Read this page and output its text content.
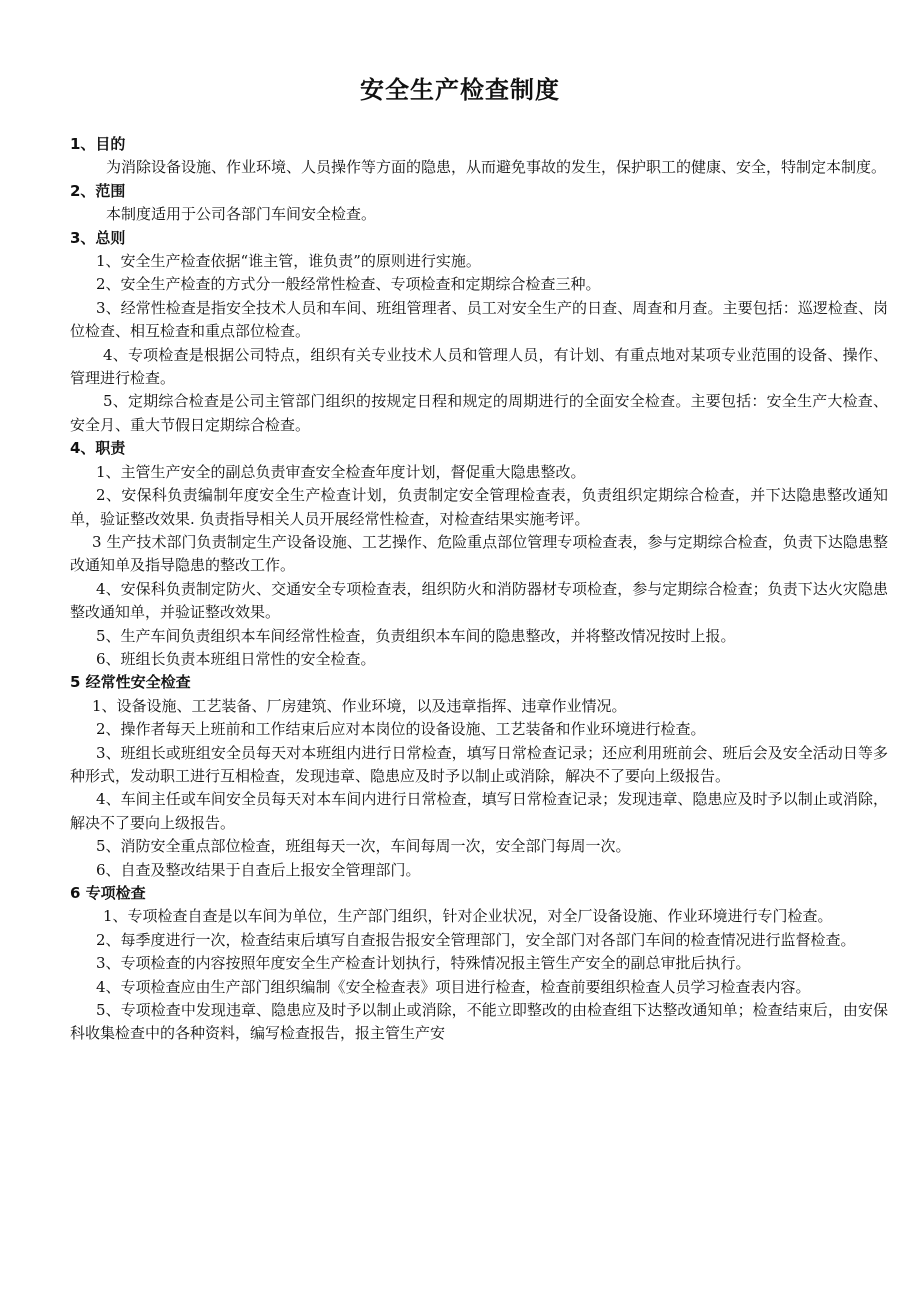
安全生产检查制度

1、目的

为消除设备设施、作业环境、人员操作等方面的隐患，从而避免事故的发生，保护职工的健康、安全，特制定本制度。

2、范围

本制度适用于公司各部门车间安全检查。

3、总则

1、安全生产检查依据“谁主管，谁负责”的原则进行实施。

2、安全生产检查的方式分一般经常性检查、专项检查和定期综合检查三种。

3、经常性检查是指安全技术人员和车间、班组管理者、员工对安全生产的日查、周查和月查。主要包括：巡逻检查、岗位检查、相互检查和重点部位检查。

4、专项检查是根据公司特点，组织有关专业技术人员和管理人员，有计划、有重点地对某项专业范围的设备、操作、管理进行检查。

5、定期综合检查是公司主管部门组织的按规定日程和规定的周期进行的全面安全检查。主要包括：安全生产大检查、安全月、重大节假日定期综合检查。

4、职责

1、主管生产安全的副总负责审查安全检查年度计划，督促重大隐患整改。

2、安保科负责编制年度安全生产检查计划，负责制定安全管理检查表，负责组织定期综合检查，并下达隐患整改通知单，验证整改效果. 负责指导相关人员开展经常性检查，对检查结果实施考评。

3 生产技术部门负责制定生产设备设施、工艺操作、危险重点部位管理专项检查表，参与定期综合检查，负责下达隐患整改通知单及指导隐患的整改工作。

4、安保科负责制定防火、交通安全专项检查表，组织防火和消防器材专项检查，参与定期综合检查；负责下达火灾隐患整改通知单，并验证整改效果。

5、生产车间负责组织本车间经常性检查，负责组织本车间的隐患整改，并将整改情况按时上报。

6、班组长负责本班组日常性的安全检查。

5 经常性安全检查

1、设备设施、工艺装备、厂房建筑、作业环境，以及违章指挥、违章作业情况。

2、操作者每天上班前和工作结束后应对本岗位的设备设施、工艺装备和作业环境进行检查。

3、班组长或班组安全员每天对本班组内进行日常检查，填写日常检查记录；还应利用班前会、班后会及安全活动日等多种形式，发动职工进行互相检查，发现违章、隐患应及时予以制止或消除，解决不了要向上级报告。

4、车间主任或车间安全员每天对本车间内进行日常检查，填写日常检查记录；发现违章、隐患应及时予以制止或消除，解决不了要向上级报告。

5、消防安全重点部位检查，班组每天一次，车间每周一次，安全部门每周一次。

6、自查及整改结果于自查后上报安全管理部门。

6 专项检查

1、专项检查自查是以车间为单位，生产部门组织，针对企业状况，对全厂设备设施、作业环境进行专门检查。

2、每季度进行一次，检查结束后填写自查报告报安全管理部门，安全部门对各部门车间的检查情况进行监督检查。

3、专项检查的内容按照年度安全生产检查计划执行，特殊情况报主管生产安全的副总审批后执行。

4、专项检查应由生产部门组织编制《安全检查表》项目进行检查，检查前要组织检查人员学习检查表内容。

5、专项检查中发现违章、隐患应及时予以制止或消除，不能立即整改的由检查组下达整改通知单；检查结束后，由安保科收集检查中的各种资料，编写检查报告，报主管生产安
